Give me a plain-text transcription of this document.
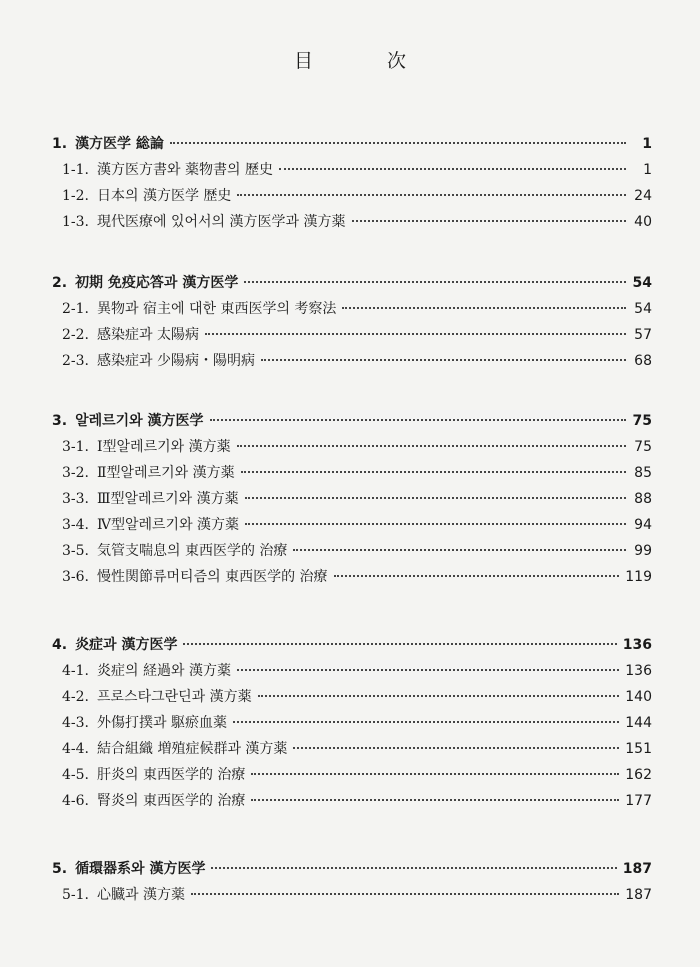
目 次
1. 漢方医学 総論	1
1-1. 漢方医方書와 薬物書의 歷史	1
1-2. 日本의 漢方医学 歴史	24
1-3. 現代医療에 있어서의 漢方医学과 漢方薬	40
2. 初期 免疫応答과 漢方医学	54
2-1. 異物과 宿主에 대한 東西医学의 考察法	54
2-2. 感染症과 太陽病	57
2-3. 感染症과 少陽病・陽明病	68
3. 알레르기와 漢方医学	75
3-1. Ⅰ型알레르기와 漢方薬	75
3-2. Ⅱ型알레르기와 漢方薬	85
3-3. Ⅲ型알레르기와 漢方薬	88
3-4. Ⅳ型알레르기와 漢方薬	94
3-5. 気管支喘息의 東西医学的 治療	99
3-6. 慢性関節류머티즘의 東西医学的 治療	119
4. 炎症과 漢方医学	136
4-1. 炎症의 経過와 漢方薬	136
4-2. 프로스타그란딘과 漢方薬	140
4-3. 外傷打撲과 駆瘀血薬	144
4-4. 結合組織 増殖症候群과 漢方薬	151
4-5. 肝炎의 東西医学的 治療	162
4-6. 腎炎의 東西医学的 治療	177
5. 循環器系와 漢方医学	187
5-1. 心臓과 漢方薬	187
